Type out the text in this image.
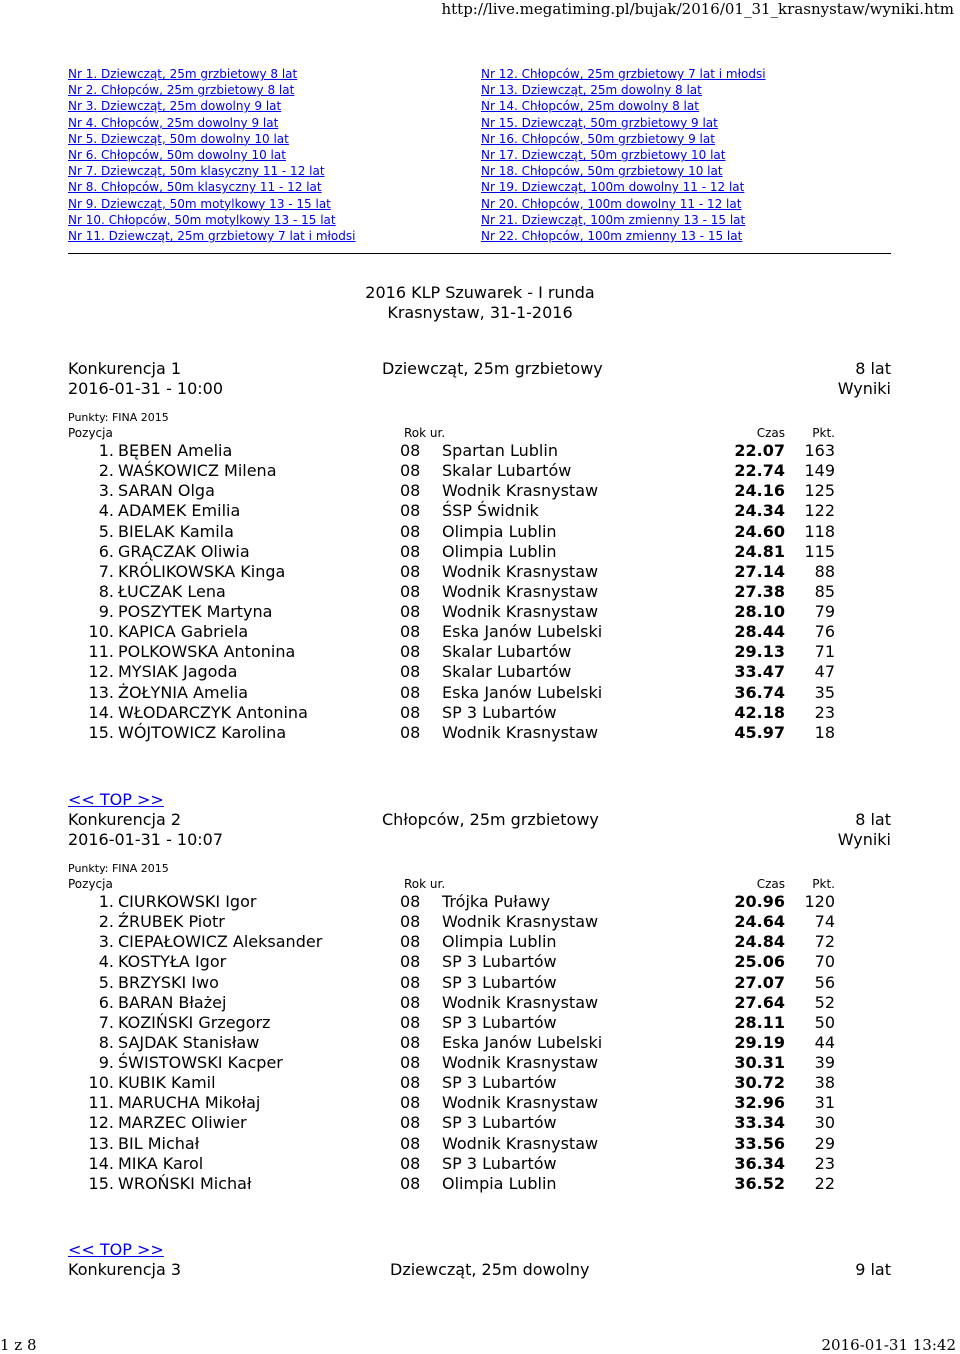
http://live.megatiming.pl/bujak/2016/01_31_krasnystaw/wyniki.htm
Nr 1. Dziewcząt, 25m grzbietowy 8 lat
Nr 2. Chłopców, 25m grzbietowy 8 lat
Nr 3. Dziewcząt, 25m dowolny 9 lat
Nr 4. Chłopców, 25m dowolny 9 lat
Nr 5. Dziewcząt, 50m dowolny 10 lat
Nr 6. Chłopców, 50m dowolny 10 lat
Nr 7. Dziewcząt, 50m klasyczny 11 - 12 lat
Nr 8. Chłopców, 50m klasyczny 11 - 12 lat
Nr 9. Dziewcząt, 50m motylkowy 13 - 15 lat
Nr 10. Chłopców, 50m motylkowy 13 - 15 lat
Nr 11. Dziewcząt, 25m grzbietowy 7 lat i młodsi
Nr 12. Chłopców, 25m grzbietowy 7 lat i młodsi
Nr 13. Dziewcząt, 25m dowolny 8 lat
Nr 14. Chłopców, 25m dowolny 8 lat
Nr 15. Dziewcząt, 50m grzbietowy 9 lat
Nr 16. Chłopców, 50m grzbietowy 9 lat
Nr 17. Dziewcząt, 50m grzbietowy 10 lat
Nr 18. Chłopców, 50m grzbietowy 10 lat
Nr 19. Dziewcząt, 100m dowolny 11 - 12 lat
Nr 20. Chłopców, 100m dowolny 11 - 12 lat
Nr 21. Dziewcząt, 100m zmienny 13 - 15 lat
Nr 22. Chłopców, 100m zmienny 13 - 15 lat
2016 KLP Szuwarek - I runda
Krasnystaw, 31-1-2016
Konkurencja 1	Dziewcząt, 25m grzbietowy	8 lat
2016-01-31 - 10:00	Wyniki
Punkty: FINA 2015
Pozycja	Rok ur.	Czas Pkt.
1. BĘBEN Amelia	08 Spartan Lublin	22.07 163
2. WAŚKOWICZ Milena	08 Skalar Lubartów	22.74 149
3. SARAN Olga	08 Wodnik Krasnystaw	24.16 125
4. ADAMEK Emilia	08 ŚSP Świdnik	24.34 122
5. BIELAK Kamila	08 Olimpia Lublin	24.60 118
6. GRĄCZAK Oliwia	08 Olimpia Lublin	24.81 115
7. KRÓLIKOWSKA Kinga	08 Wodnik Krasnystaw	27.14 88
8. ŁUCZAK Lena	08 Wodnik Krasnystaw	27.38 85
9. POSZYTEK Martyna	08 Wodnik Krasnystaw	28.10 79
10. KAPICA Gabriela	08 Eska Janów Lubelski	28.44 76
11. POLKOWSKA Antonina	08 Skalar Lubartów	29.13 71
12. MYSIAK Jagoda	08 Skalar Lubartów	33.47 47
13. ŻOŁYNIA Amelia	08 Eska Janów Lubelski	36.74 35
14. WŁODARCZYK Antonina	08 SP 3 Lubartów	42.18 23
15. WÓJTOWICZ Karolina	08 Wodnik Krasnystaw	45.97 18
<< TOP >>
Konkurencja 2	Chłopców, 25m grzbietowy	8 lat
2016-01-31 - 10:07	Wyniki
Punkty: FINA 2015
Pozycja	Rok ur.	Czas Pkt.
1. CIURKOWSKI Igor	08 Trójka Puławy	20.96 120
2. ŹRUBEK Piotr	08 Wodnik Krasnystaw	24.64 74
3. CIEPAŁOWICZ Aleksander	08 Olimpia Lublin	24.84 72
4. KOSTYŁA Igor	08 SP 3 Lubartów	25.06 70
5. BRZYSKI Iwo	08 SP 3 Lubartów	27.07 56
6. BARAN Błażej	08 Wodnik Krasnystaw	27.64 52
7. KOZIŃSKI Grzegorz	08 SP 3 Lubartów	28.11 50
8. SAJDAK Stanisław	08 Eska Janów Lubelski	29.19 44
9. ŚWISTOWSKI Kacper	08 Wodnik Krasnystaw	30.31 39
10. KUBIK Kamil	08 SP 3 Lubartów	30.72 38
11. MARUCHA Mikołaj	08 Wodnik Krasnystaw	32.96 31
12. MARZEC Oliwier	08 SP 3 Lubartów	33.34 30
13. BIL Michał	08 Wodnik Krasnystaw	33.56 29
14. MIKA Karol	08 SP 3 Lubartów	36.34 23
15. WROŃSKI Michał	08 Olimpia Lublin	36.52 22
<< TOP >>
Konkurencja 3	Dziewcząt, 25m dowolny	9 lat
1 z 8	2016-01-31 13:42
